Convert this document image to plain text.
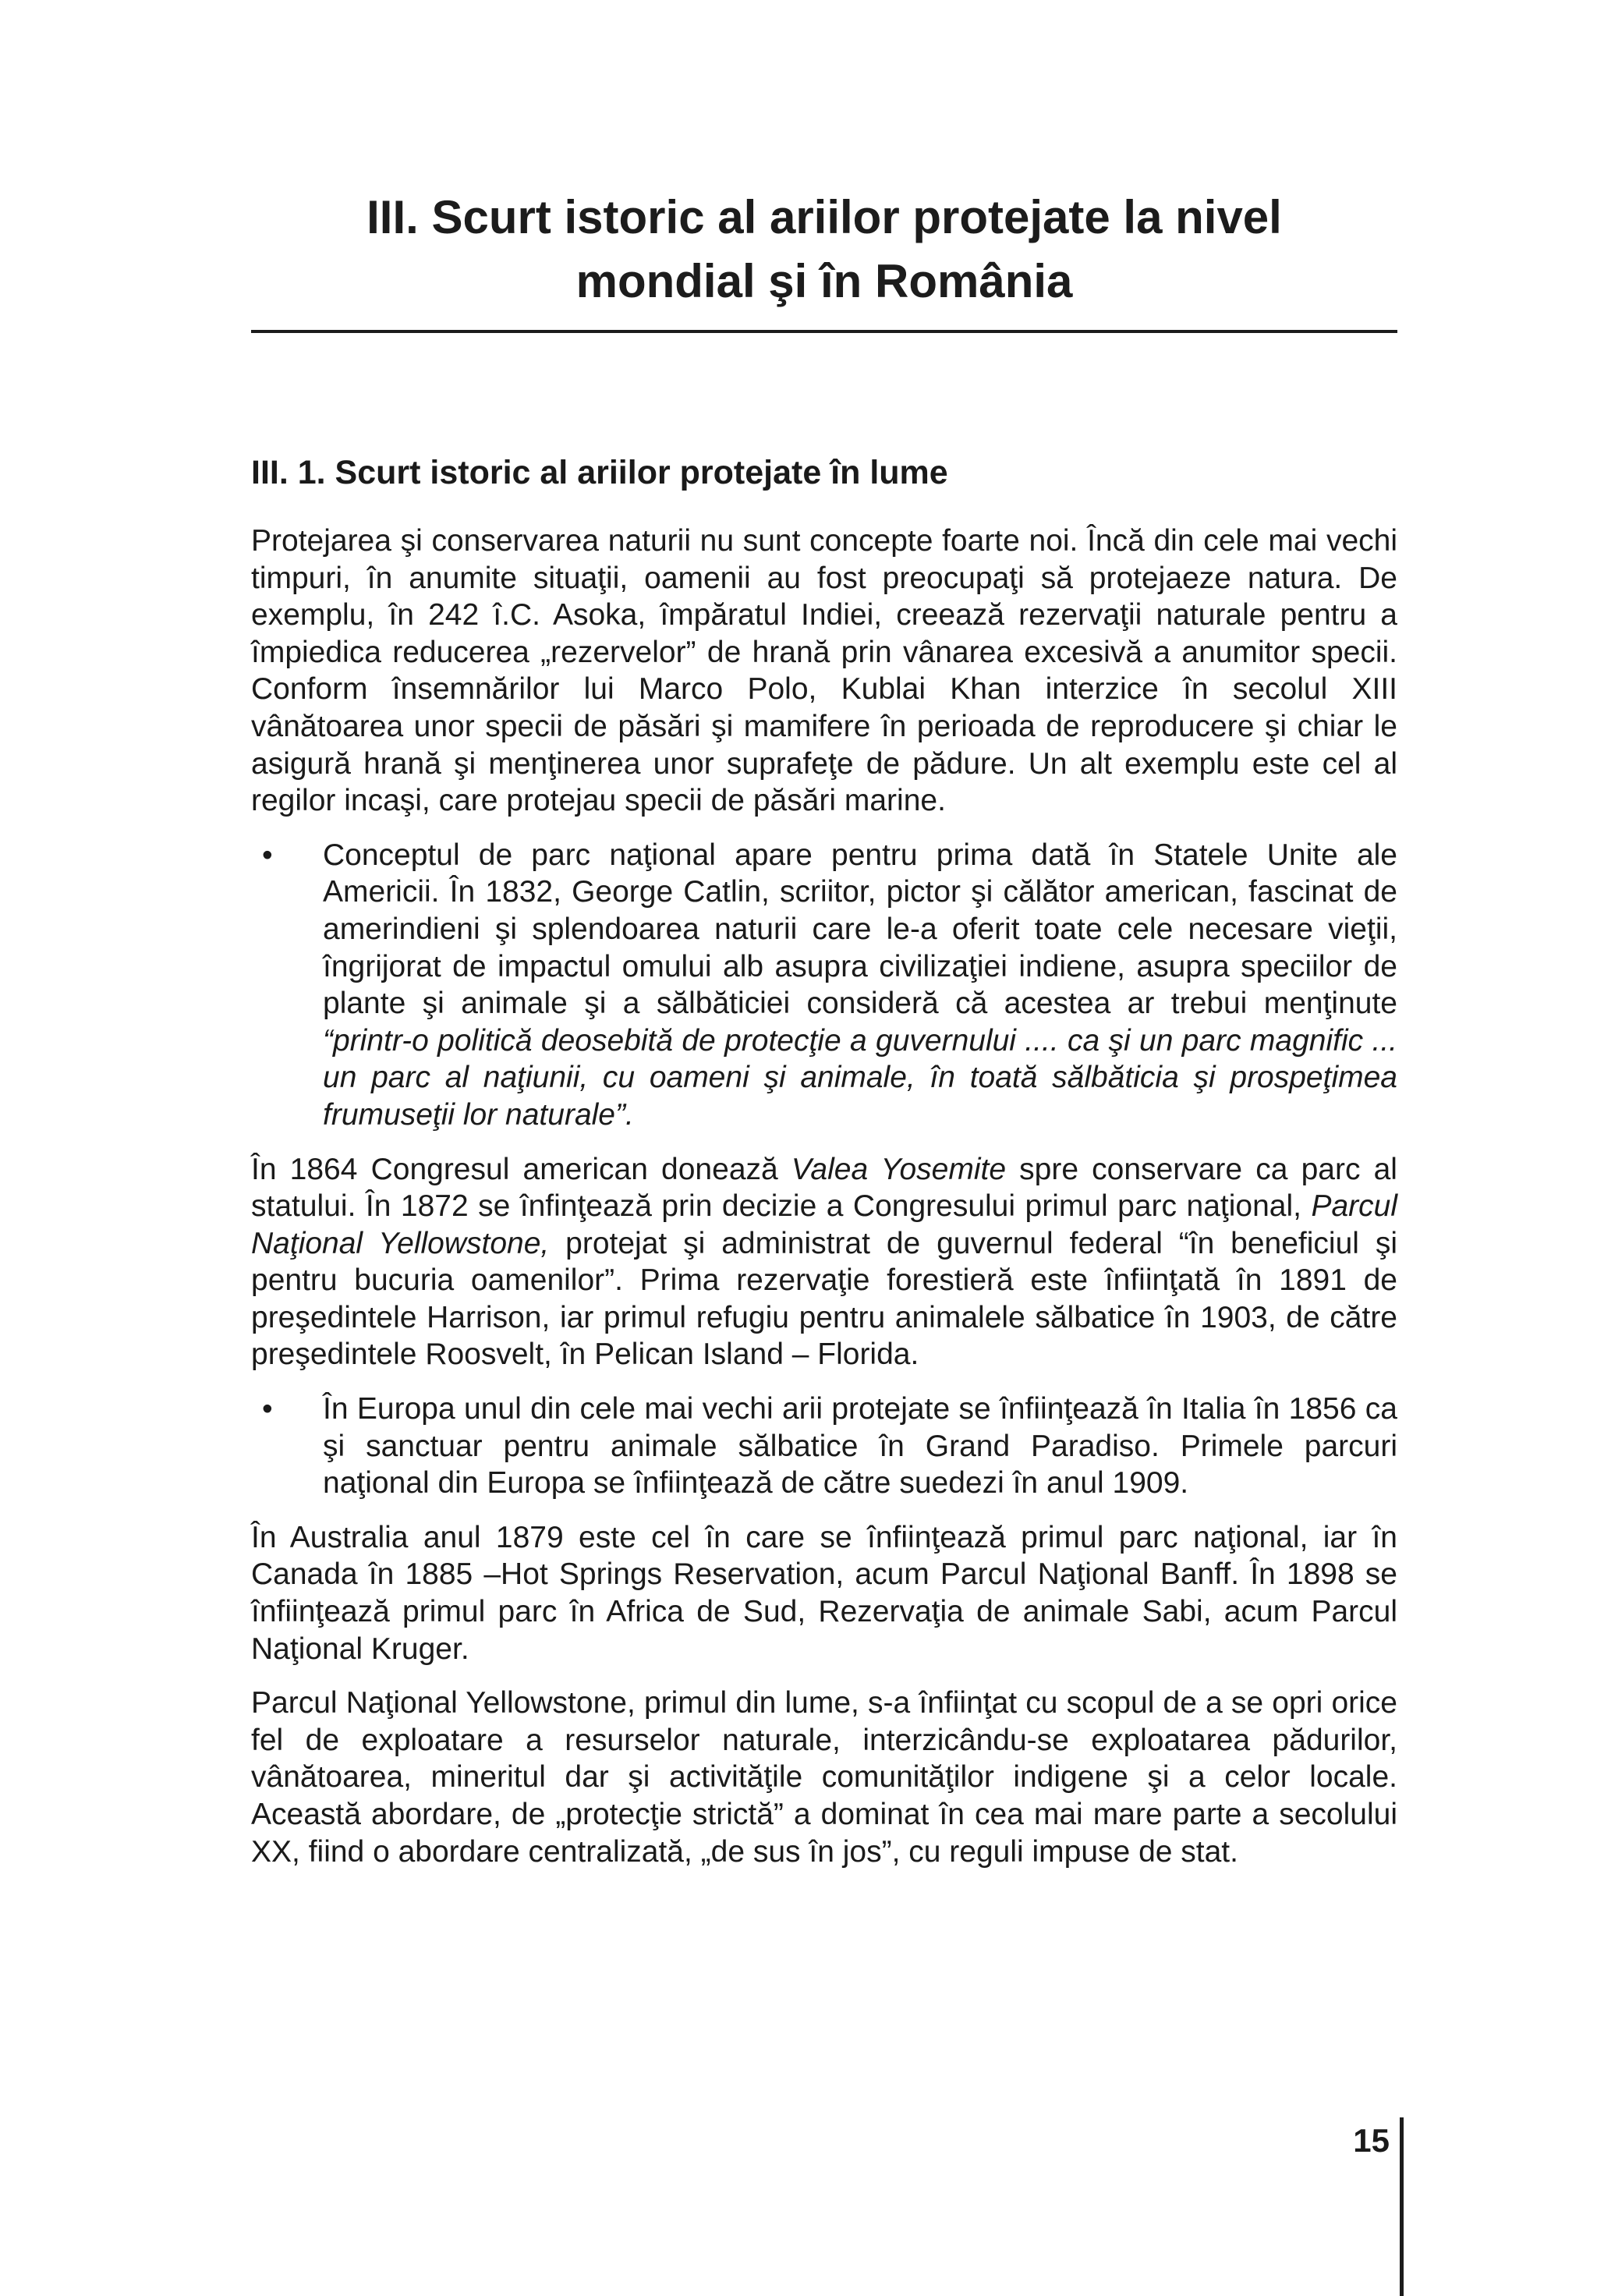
III. Scurt istoric al ariilor protejate la nivel
mondial şi în România
III. 1. Scurt istoric al ariilor protejate în lume

Protejarea şi conservarea naturii nu sunt concepte foarte noi. Încă din cele mai vechi timpuri, în anumite situaţii, oamenii au fost preocupaţi să protejaeze natura. De exemplu, în 242 î.C. Asoka, împăratul Indiei, creează rezervaţii naturale pentru a împiedica reducerea „rezervelor” de hrană prin vânarea excesivă a anumitor specii. Conform însemnărilor lui Marco Polo, Kublai Khan interzice în secolul XIII vânătoarea unor specii de păsări şi mamifere în perioada de reproducere şi chiar le asigură hrană şi menţinerea unor suprafeţe de pădure. Un alt exemplu este cel al regilor incaşi, care protejau specii de păsări marine.

• Conceptul de parc naţional apare pentru prima dată în Statele Unite ale Americii. În 1832, George Catlin, scriitor, pictor şi călător american, fascinat de amerindieni şi splendoarea naturii care le-a oferit toate cele necesare vieţii, îngrijorat de impactul omului alb asupra civilizaţiei indiene, asupra speciilor de plante şi animale şi a sălbăticiei consideră că acestea ar trebui menţinute “printr-o politică deosebită de protecţie a guvernului .... ca şi un parc magnific ... un parc al naţiunii, cu oameni şi animale, în toată sălbăticia şi prospeţimea frumuseţii lor naturale”.

În 1864 Congresul american donează Valea Yosemite spre conservare ca parc al statului. În 1872 se înfinţează prin decizie a Congresului primul parc naţional, Parcul Naţional Yellowstone, protejat şi administrat de guvernul federal “în beneficiul şi pentru bucuria oamenilor”. Prima rezervaţie forestieră este înfiinţată în 1891 de preşedintele Harrison, iar primul refugiu pentru animalele sălbatice în 1903, de către preşedintele Roosvelt, în Pelican Island – Florida.

• În Europa unul din cele mai vechi arii protejate se înfiinţează în Italia în 1856 ca şi sanctuar pentru animale sălbatice în Grand Paradiso. Primele parcuri naţional din Europa se înfiinţează de către suedezi în anul 1909.

În Australia anul 1879 este cel în care se înfiinţează primul parc naţional, iar în Canada în 1885 –Hot Springs Reservation, acum Parcul Naţional Banff. În 1898 se înfiinţează primul parc în Africa de Sud, Rezervaţia de animale Sabi, acum Parcul Naţional Kruger.

Parcul Naţional Yellowstone, primul din lume, s-a înfiinţat cu scopul de a se opri orice fel de exploatare a resurselor naturale, interzicându-se exploatarea pădurilor, vânătoarea, mineritul dar şi activităţile comunităţilor indigene şi a celor locale. Această abordare, de „protecţie strictă” a dominat în cea mai mare parte a secolului XX, fiind o abordare centralizată, „de sus în jos”, cu reguli impuse de stat.

15
